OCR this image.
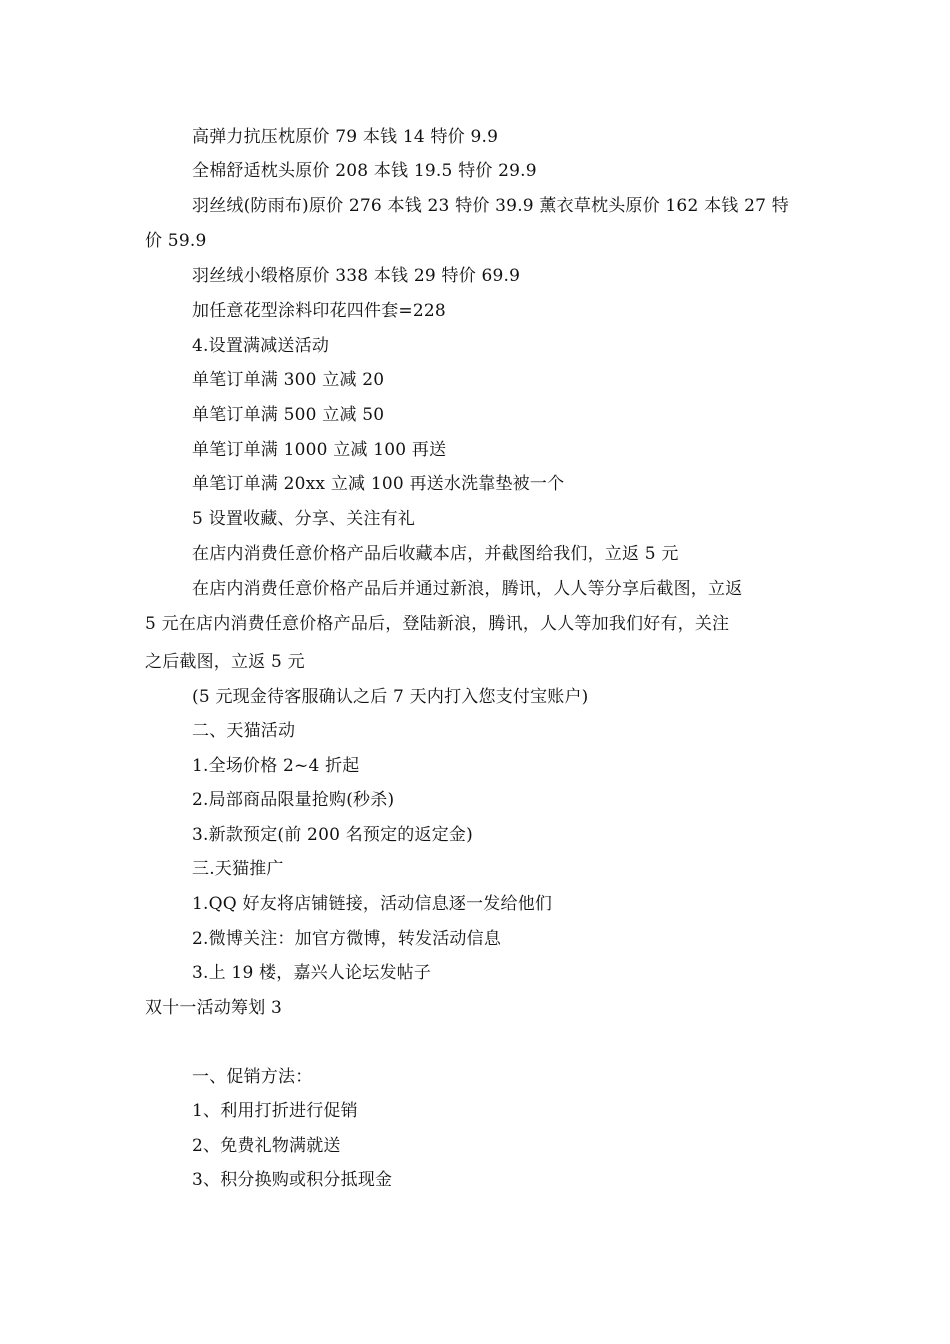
高弹力抗压枕原价 79 本钱 14 特价 9.9
全棉舒适枕头原价 208 本钱 19.5 特价 29.9
羽丝绒(防雨布)原价 276 本钱 23 特价 39.9 薰衣草枕头原价 162 本钱 27 特
价 59.9
羽丝绒小缎格原价 338 本钱 29 特价 69.9
加任意花型涂料印花四件套=228
4.设置满减送活动
单笔订单满 300 立减 20
单笔订单满 500 立减 50
单笔订单满 1000 立减 100 再送
单笔订单满 20xx 立减 100 再送水洗靠垫被一个
5 设置收藏、分享、关注有礼
在店内消费任意价格产品后收藏本店，并截图给我们，立返 5 元
在店内消费任意价格产品后并通过新浪，腾讯，人人等分享后截图，立返
5 元在店内消费任意价格产品后，登陆新浪，腾讯，人人等加我们好有，关注
之后截图，立返 5 元
(5 元现金待客服确认之后 7 天内打入您支付宝账户)
二、天猫活动
1.全场价格 2~4 折起
2.局部商品限量抢购(秒杀)
3.新款预定(前 200 名预定的返定金)
三.天猫推广
1.QQ 好友将店铺链接，活动信息逐一发给他们
2.微博关注：加官方微博，转发活动信息
3.上 19 楼，嘉兴人论坛发帖子
双十一活动筹划 3
一、促销方法：
1、利用打折进行促销
2、免费礼物满就送
3、积分换购或积分抵现金
